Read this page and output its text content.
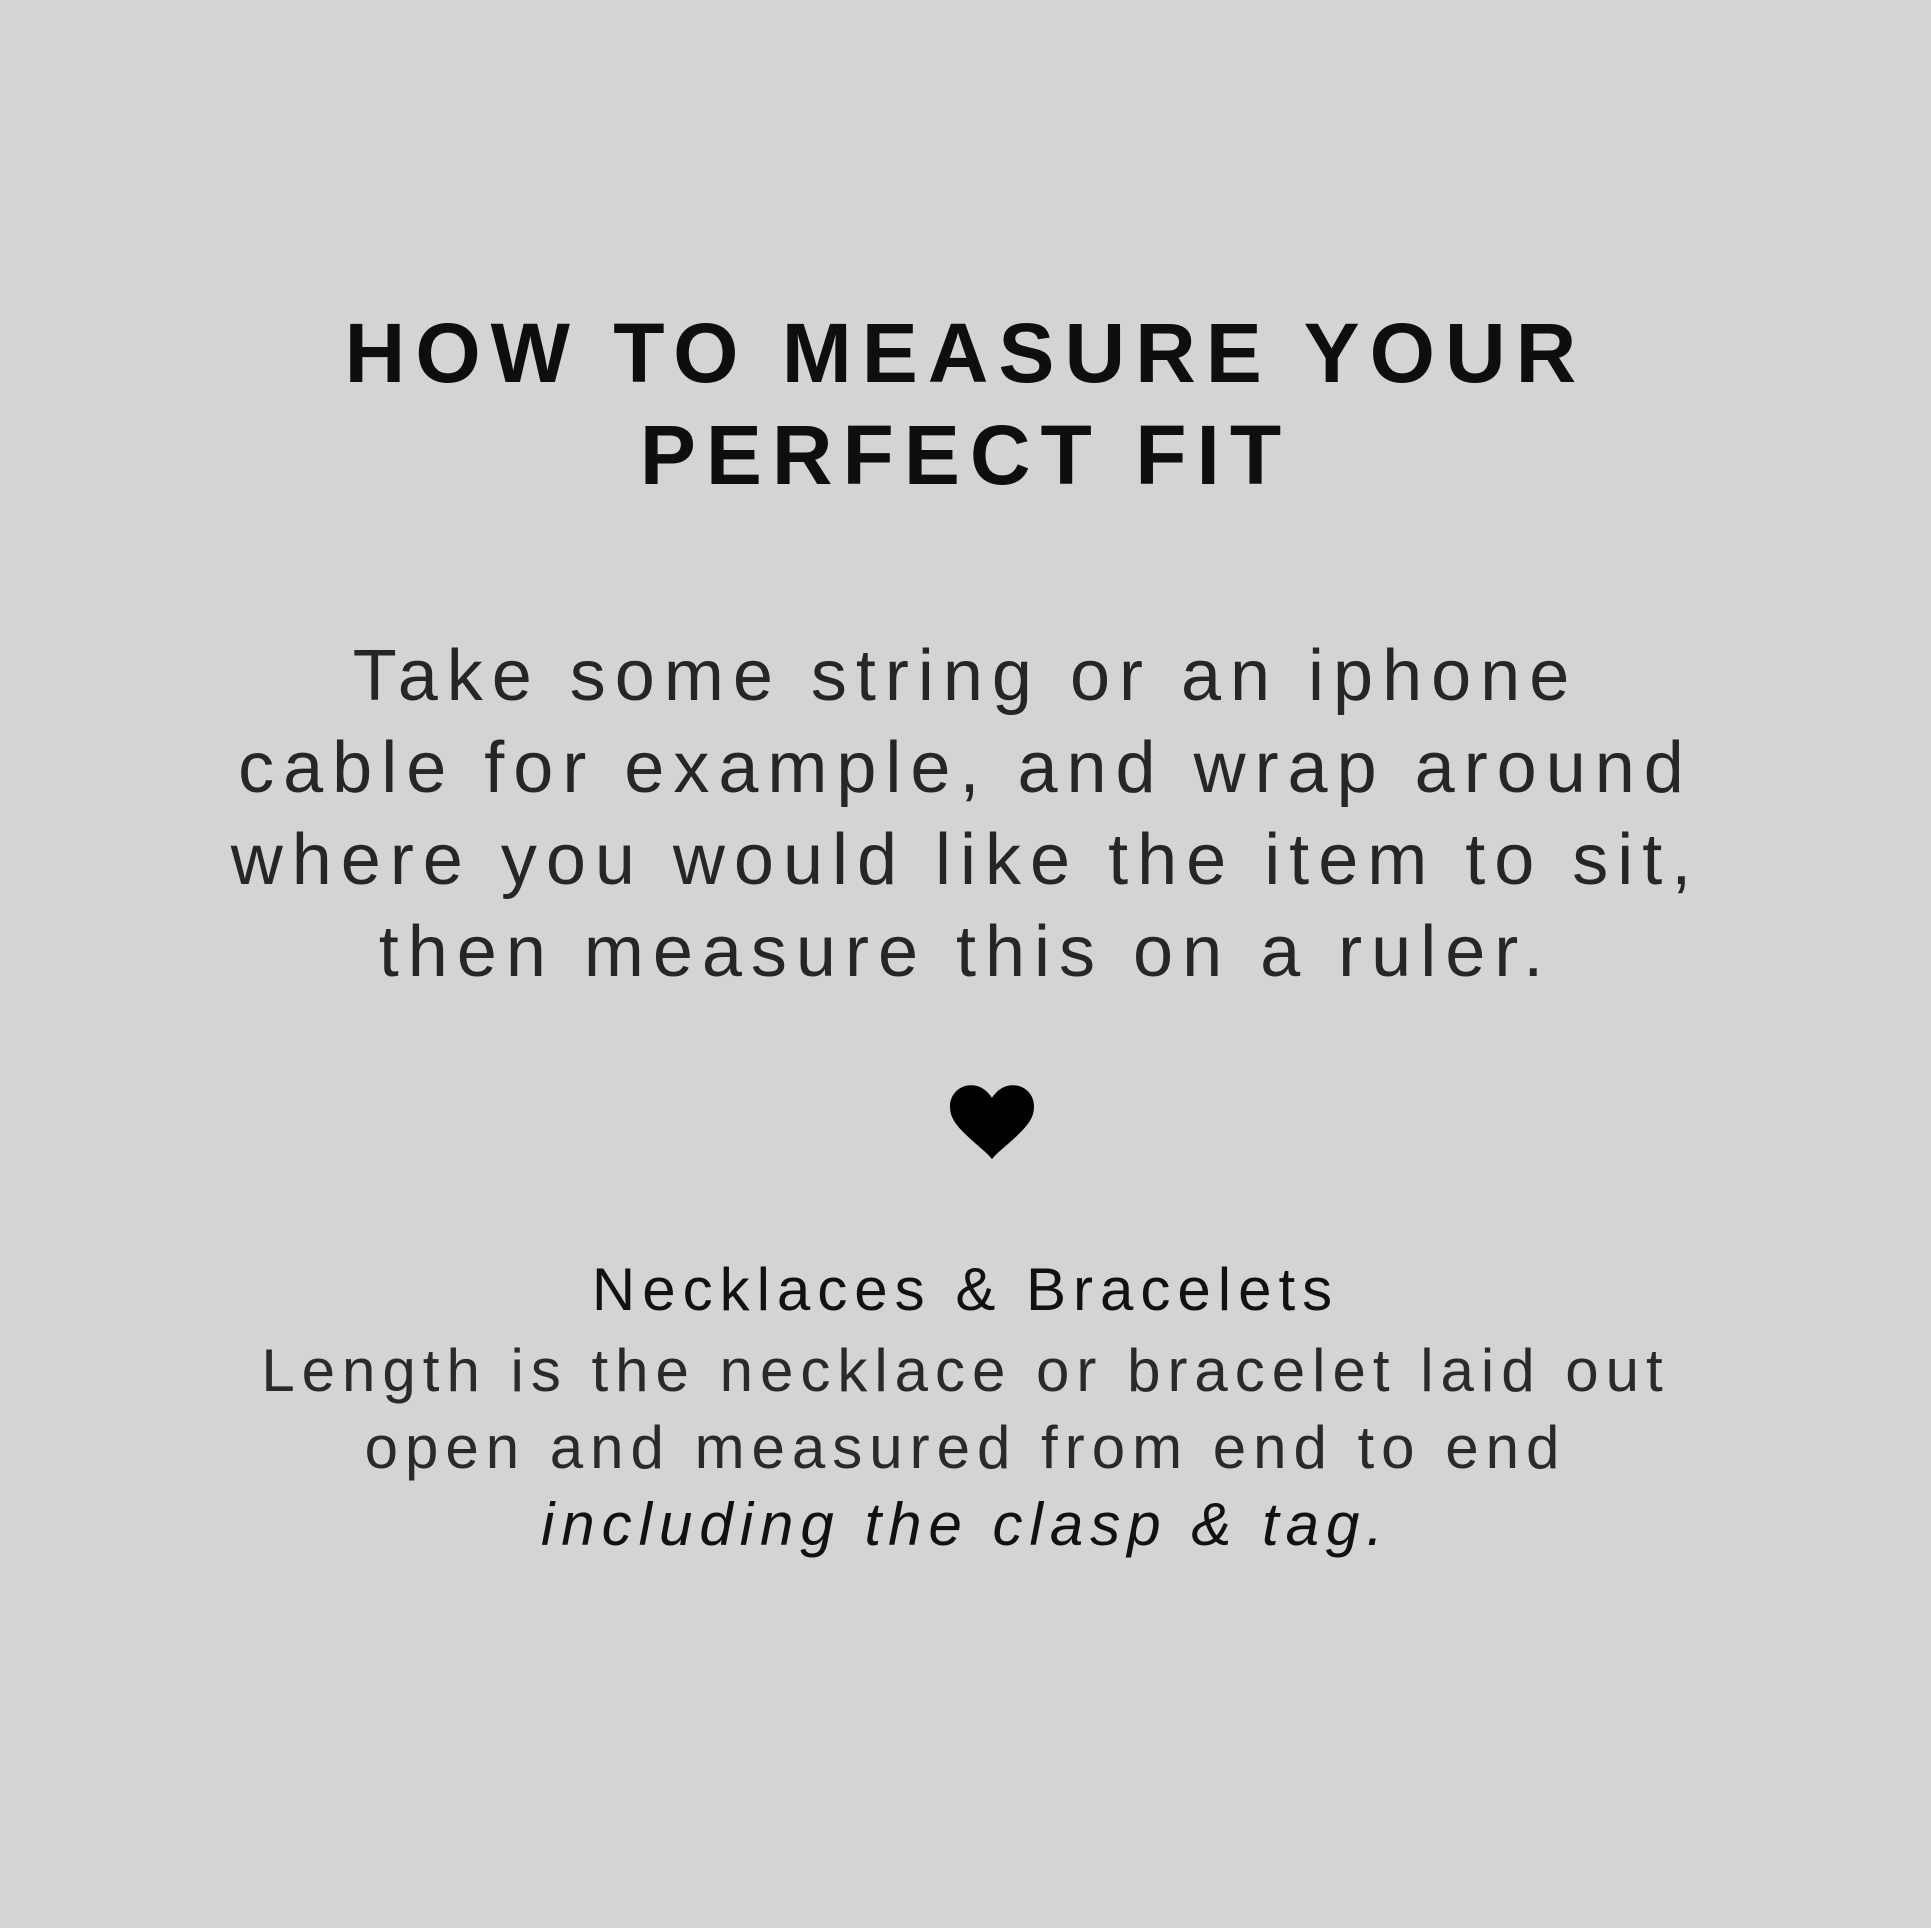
HOW TO MEASURE YOUR
PERFECT FIT

Take some string or an iphone
cable for example, and wrap around
where you would like the item to sit,
then measure this on a ruler.

Necklaces & Bracelets

Length is the necklace or bracelet laid out
open and measured from end to end
including the clasp & tag.
